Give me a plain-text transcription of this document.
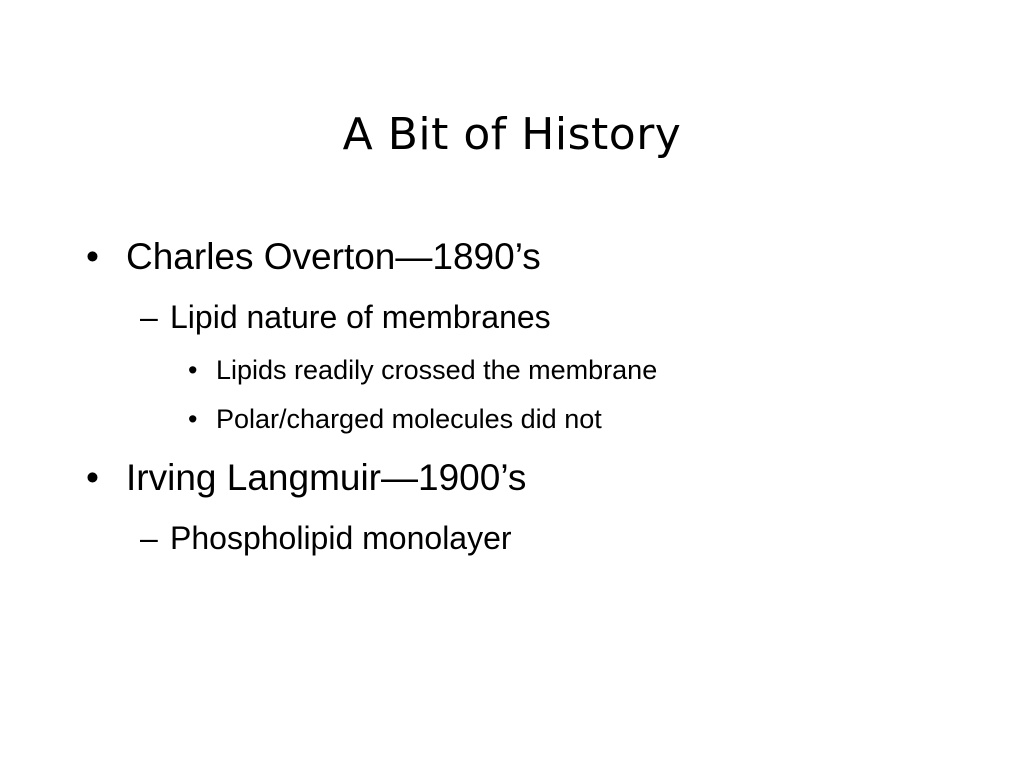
A Bit of History
• Charles Overton—1890’s
– Lipid nature of membranes
• Lipids readily crossed the membrane
• Polar/charged molecules did not
• Irving Langmuir—1900’s
– Phospholipid monolayer
